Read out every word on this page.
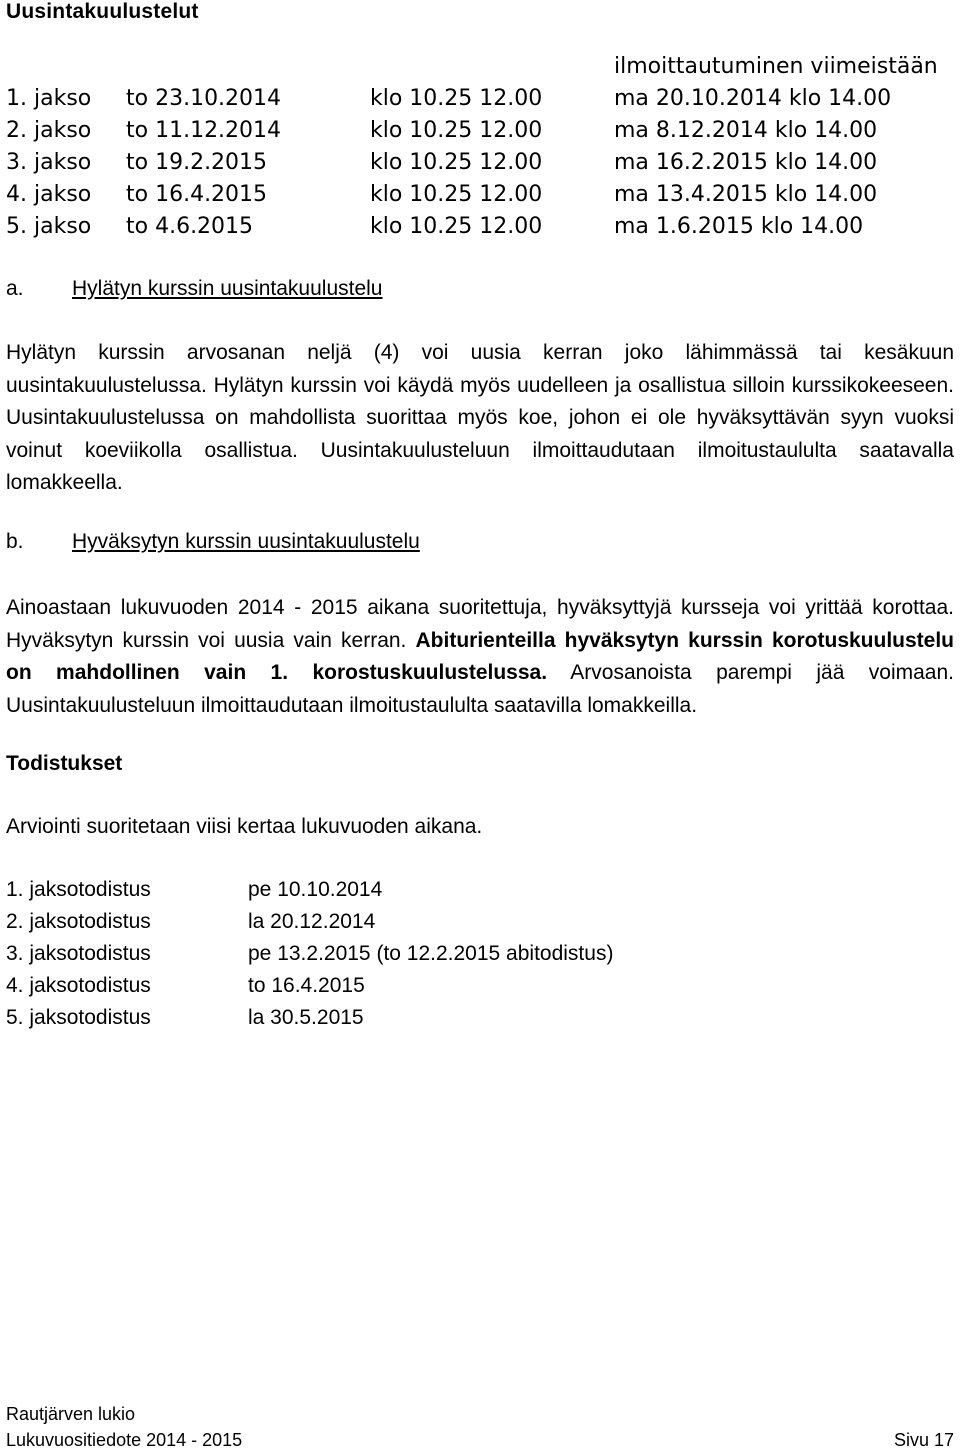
Uusintakuulustelut
ilmoittautuminen viimeistään
1. jakso to 23.10.2014	klo 10.25 12.00	ma 20.10.2014 klo 14.00
2. jakso to 11.12.2014	klo 10.25 12.00	ma 8.12.2014 klo 14.00
3. jakso to 19.2.2015	klo 10.25 12.00	ma 16.2.2015 klo 14.00
4. jakso to 16.4.2015	klo 10.25 12.00	ma 13.4.2015 klo 14.00
5. jakso to 4.6.2015	klo 10.25 12.00	ma 1.6.2015 klo 14.00
a. Hylätyn kurssin uusintakuulustelu

Hylätyn kurssin arvosanan neljä (4) voi uusia kerran joko lähimmässä tai kesäkuun uusintakuulustelussa. Hylätyn kurssin voi käydä myös uudelleen ja osallistua silloin kurssikokeeseen. Uusintakuulustelussa on mahdollista suorittaa myös koe, johon ei ole hyväksyttävän syyn vuoksi voinut koeviikolla osallistua. Uusintakuulusteluun ilmoittaudutaan ilmoitustaululta saatavalla lomakkeella.

b. Hyväksytyn kurssin uusintakuulustelu

Ainoastaan lukuvuoden 2014 - 2015 aikana suoritettuja, hyväksyttyjä kursseja voi yrittää korottaa. Hyväksytyn kurssin voi uusia vain kerran. Abiturienteilla hyväksytyn kurssin korotuskuulustelu on mahdollinen vain 1. korostuskuulustelussa. Arvosanoista parempi jää voimaan. Uusintakuulusteluun ilmoittaudutaan ilmoitustaululta saatavilla lomakkeilla.

Todistukset
Arviointi suoritetaan viisi kertaa lukuvuoden aikana.
1. jaksotodistus	pe 10.10.2014
2. jaksotodistus	la 20.12.2014
3. jaksotodistus	pe 13.2.2015 (to 12.2.2015 abitodistus)
4. jaksotodistus	to 16.4.2015
5. jaksotodistus	la 30.5.2015
Rautjärven lukio
Lukuvuositiedote 2014 - 2015	Sivu 17
